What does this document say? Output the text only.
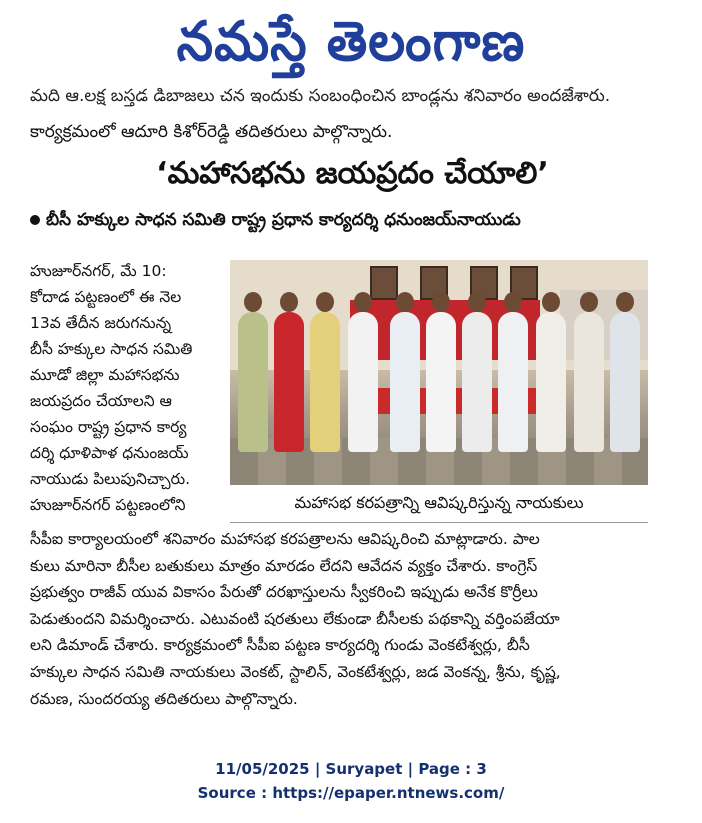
నమస్తే తెలంగాణ
మది ఆ.లక్ష బస్తడ డిబాజలు చన ఇందుకు సంబంధించిన బాండ్లను శనివారం అందజేశారు.
కార్యక్రమంలో ఆదూరి కిశోర్‌రెడ్డి తదితరులు పాల్గొన్నారు.
‘మహాసభను జయప్రదం చేయాలి’
బీసీ హక్కుల సాధన సమితి రాష్ట్ర ప్రధాన కార్యదర్శి ధనుంజయ్‌నాయుడు
హుజూర్‌నగర్, మే 10:
కోదాడ పట్టణంలో ఈ నెల
13వ తేదీన జరుగనున్న
బీసీ హక్కుల సాధన సమితి
మూడో జిల్లా మహాసభను
జయప్రదం చేయాలని ఆ
సంఘం రాష్ట్ర ప్రధాన కార్య
దర్శి ధూళిపాళ ధనుంజయ్
నాయుడు పిలుపునిచ్చారు.
హుజూర్‌నగర్ పట్టణంలోని	మహాసభ కరపత్రాన్ని ఆవిష్కరిస్తున్న నాయకులు
సీపీఐ కార్యాలయంలో శనివారం మహాసభ కరపత్రాలను ఆవిష్కరించి మాట్లాడారు. పాల
కులు మారినా బీసీల బతుకులు మాత్రం మారడం లేదని ఆవేదన వ్యక్తం చేశారు. కాంగ్రెస్
ప్రభుత్వం రాజీవ్ యువ వికాసం పేరుతో దరఖాస్తులను స్వీకరించి ఇప్పుడు అనేక కొర్రీలు
పెడుతుందని విమర్శించారు. ఎటువంటి షరతులు లేకుండా బీసీలకు పథకాన్ని వర్తింపజేయా
లని డిమాండ్ చేశారు. కార్యక్రమంలో సీపీఐ పట్టణ కార్యదర్శి గుండు వెంకటేశ్వర్లు, బీసీ
హక్కుల సాధన సమితి నాయకులు వెంకట్, స్టాలిన్, వెంకటేశ్వర్లు, జడ వెంకన్న, శ్రీను, కృష్ణ,
రమణ, సుందరయ్య తదితరులు పాల్గొన్నారు.
11/05/2025 | Suryapet | Page : 3
Source : https://epaper.ntnews.com/
